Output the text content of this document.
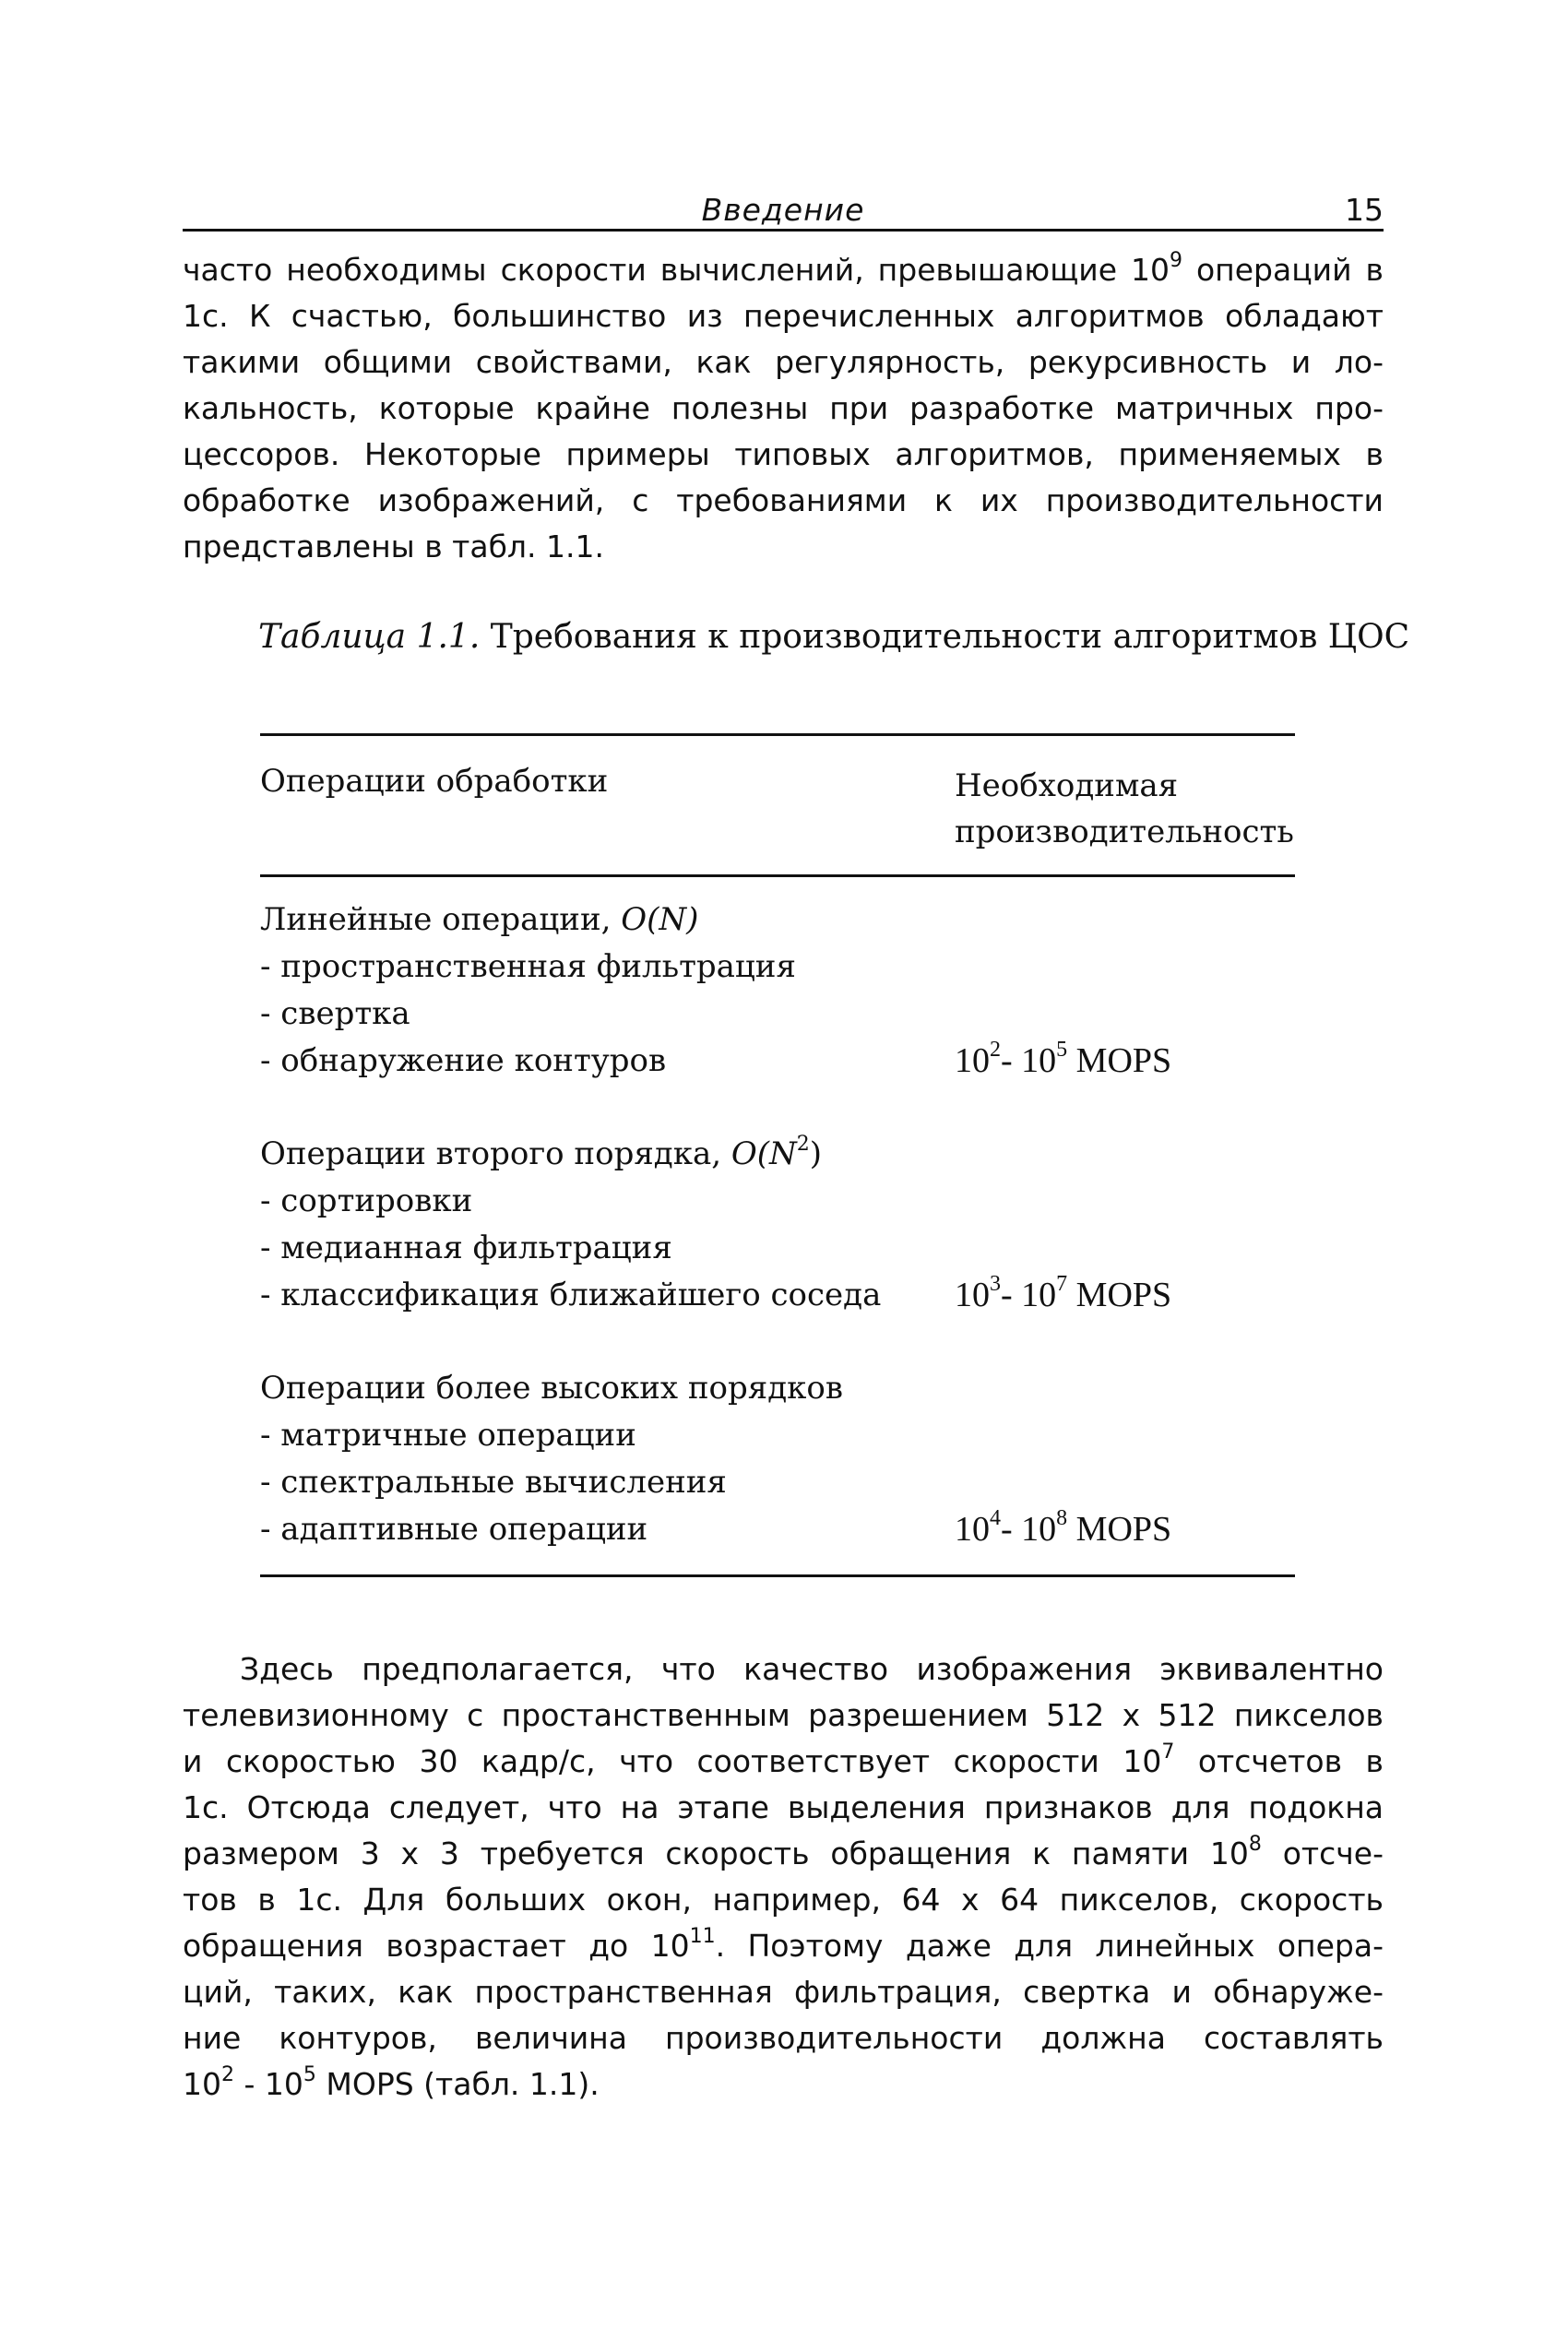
Введение	15

часто необходимы скорости вычислений, превышающие $10^9$ операций в
1с. К счастью, большинство из перечисленных алгоритмов обладают
такими общими свойствами, как регулярность, рекурсивность и ло-
кальность, которые крайне полезны при разработке матричных про-
цессоров. Некоторые примеры типовых алгоритмов, применяемых в
обработке изображений, с требованиями к их производительности
представлены в табл. 1.1.

Таблица 1.1. Требования к производительности алгоритмов ЦОС
Операции обработки	Необходимая
производительность
Линейные операции, O(N)
- пространственная фильтрация
- свертка
- обнаружение контуров	$10^2-$ $10^5$ MOPS
Операции второго порядка, $O(N^2)$
- сортировки
- медианная фильтрация
- классификация ближайшего соседа $10^3-$ $10^7$ MOPS
Операции более высоких порядков
- матричные операции
- спектральные вычисления
- адаптивные операции	$10^4-$ $10^8$ MOPS

Здесь предполагается, что качество изображения эквивалентно
телевизионному с простанственным разрешением 512 x 512 пикселов
и скоростью 30 кадр/с, что соответствует скорости $10^7$ отсчетов в
1с. Отсюда следует, что на этапе выделения признаков для подокна
размером 3 x 3 требуется скорость обращения к памяти $10^8$ отсче-
тов в 1с. Для больших окон, например, 64 x 64 пикселов, скорость
обращения возрастает до $10^{11}$. Поэтому даже для линейных опера-
ций, таких, как пространственная фильтрация, свертка и обнаруже-
ние контуров, величина производительности должна составлять
$10^2 - 10^5$ MOPS (табл. 1.1).
